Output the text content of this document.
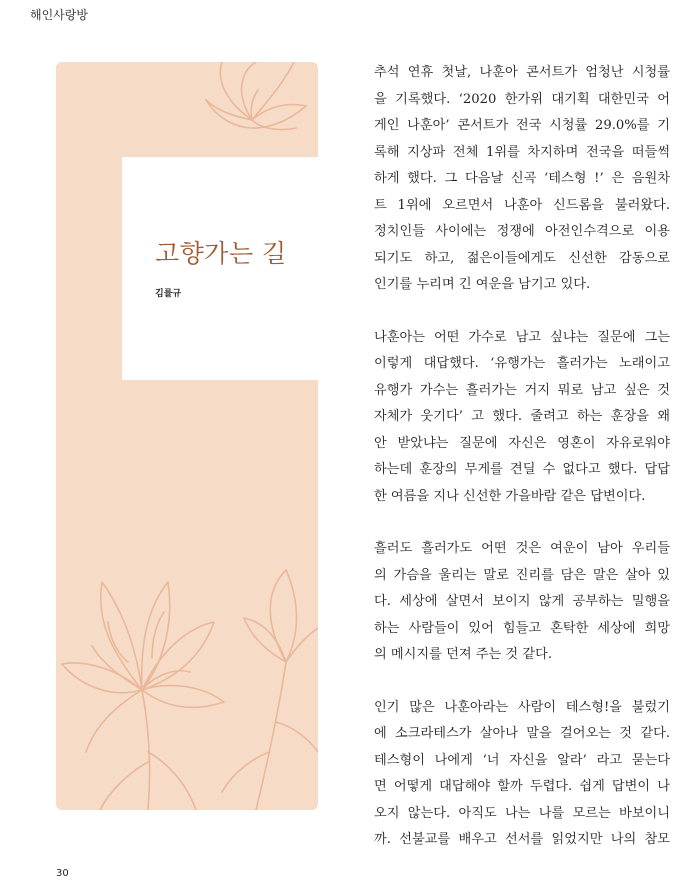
해인사랑방
고향가는 길
김률규
추석 연휴 첫날, 나훈아 콘서트가 엄청난 시청률
을 기록했다. ‘2020 한가위 대기획 대한민국 어
게인 나훈아’ 콘서트가 전국 시청률 29.0%를 기
록해 지상파 전체 1위를 차지하며 전국을 떠들썩
하게 했다. 그 다음날 신곡 ‘테스형 !’ 은 음원차
트 1위에 오르면서 나훈아 신드롬을 불러왔다.
정치인들 사이에는 정쟁에 아전인수격으로 이용
되기도 하고, 젊은이들에게도 신선한 감동으로
인기를 누리며 긴 여운을 남기고 있다.
나훈아는 어떤 가수로 남고 싶냐는 질문에 그는
이렇게 대답했다. ‘유행가는 흘러가는 노래이고
유행가 가수는 흘러가는 거지 뭐로 남고 싶은 것
자체가 웃기다’ 고 했다. 줄려고 하는 훈장을 왜
안 받았냐는 질문에 자신은 영혼이 자유로워야
하는데 훈장의 무게를 견딜 수 없다고 했다. 답답
한 여름을 지나 신선한 가을바람 같은 답변이다.
흘러도 흘러가도 어떤 것은 여운이 남아 우리들
의 가슴을 울리는 말로 진리를 담은 말은 살아 있
다. 세상에 살면서 보이지 않게 공부하는 밀행을
하는 사람들이 있어 힘들고 혼탁한 세상에 희망
의 메시지를 던져 주는 것 같다.
인기 많은 나훈아라는 사람이 테스형!을 불렀기
에 소크라테스가 살아나 말을 걸어오는 것 같다.
테스형이 나에게 ‘너 자신을 알라’ 라고 묻는다
면 어떻게 대답해야 할까 두렵다. 쉽게 답변이 나
오지 않는다. 아직도 나는 나를 모르는 바보이니
까. 선불교를 배우고 선서를 읽었지만 나의 참모
30
